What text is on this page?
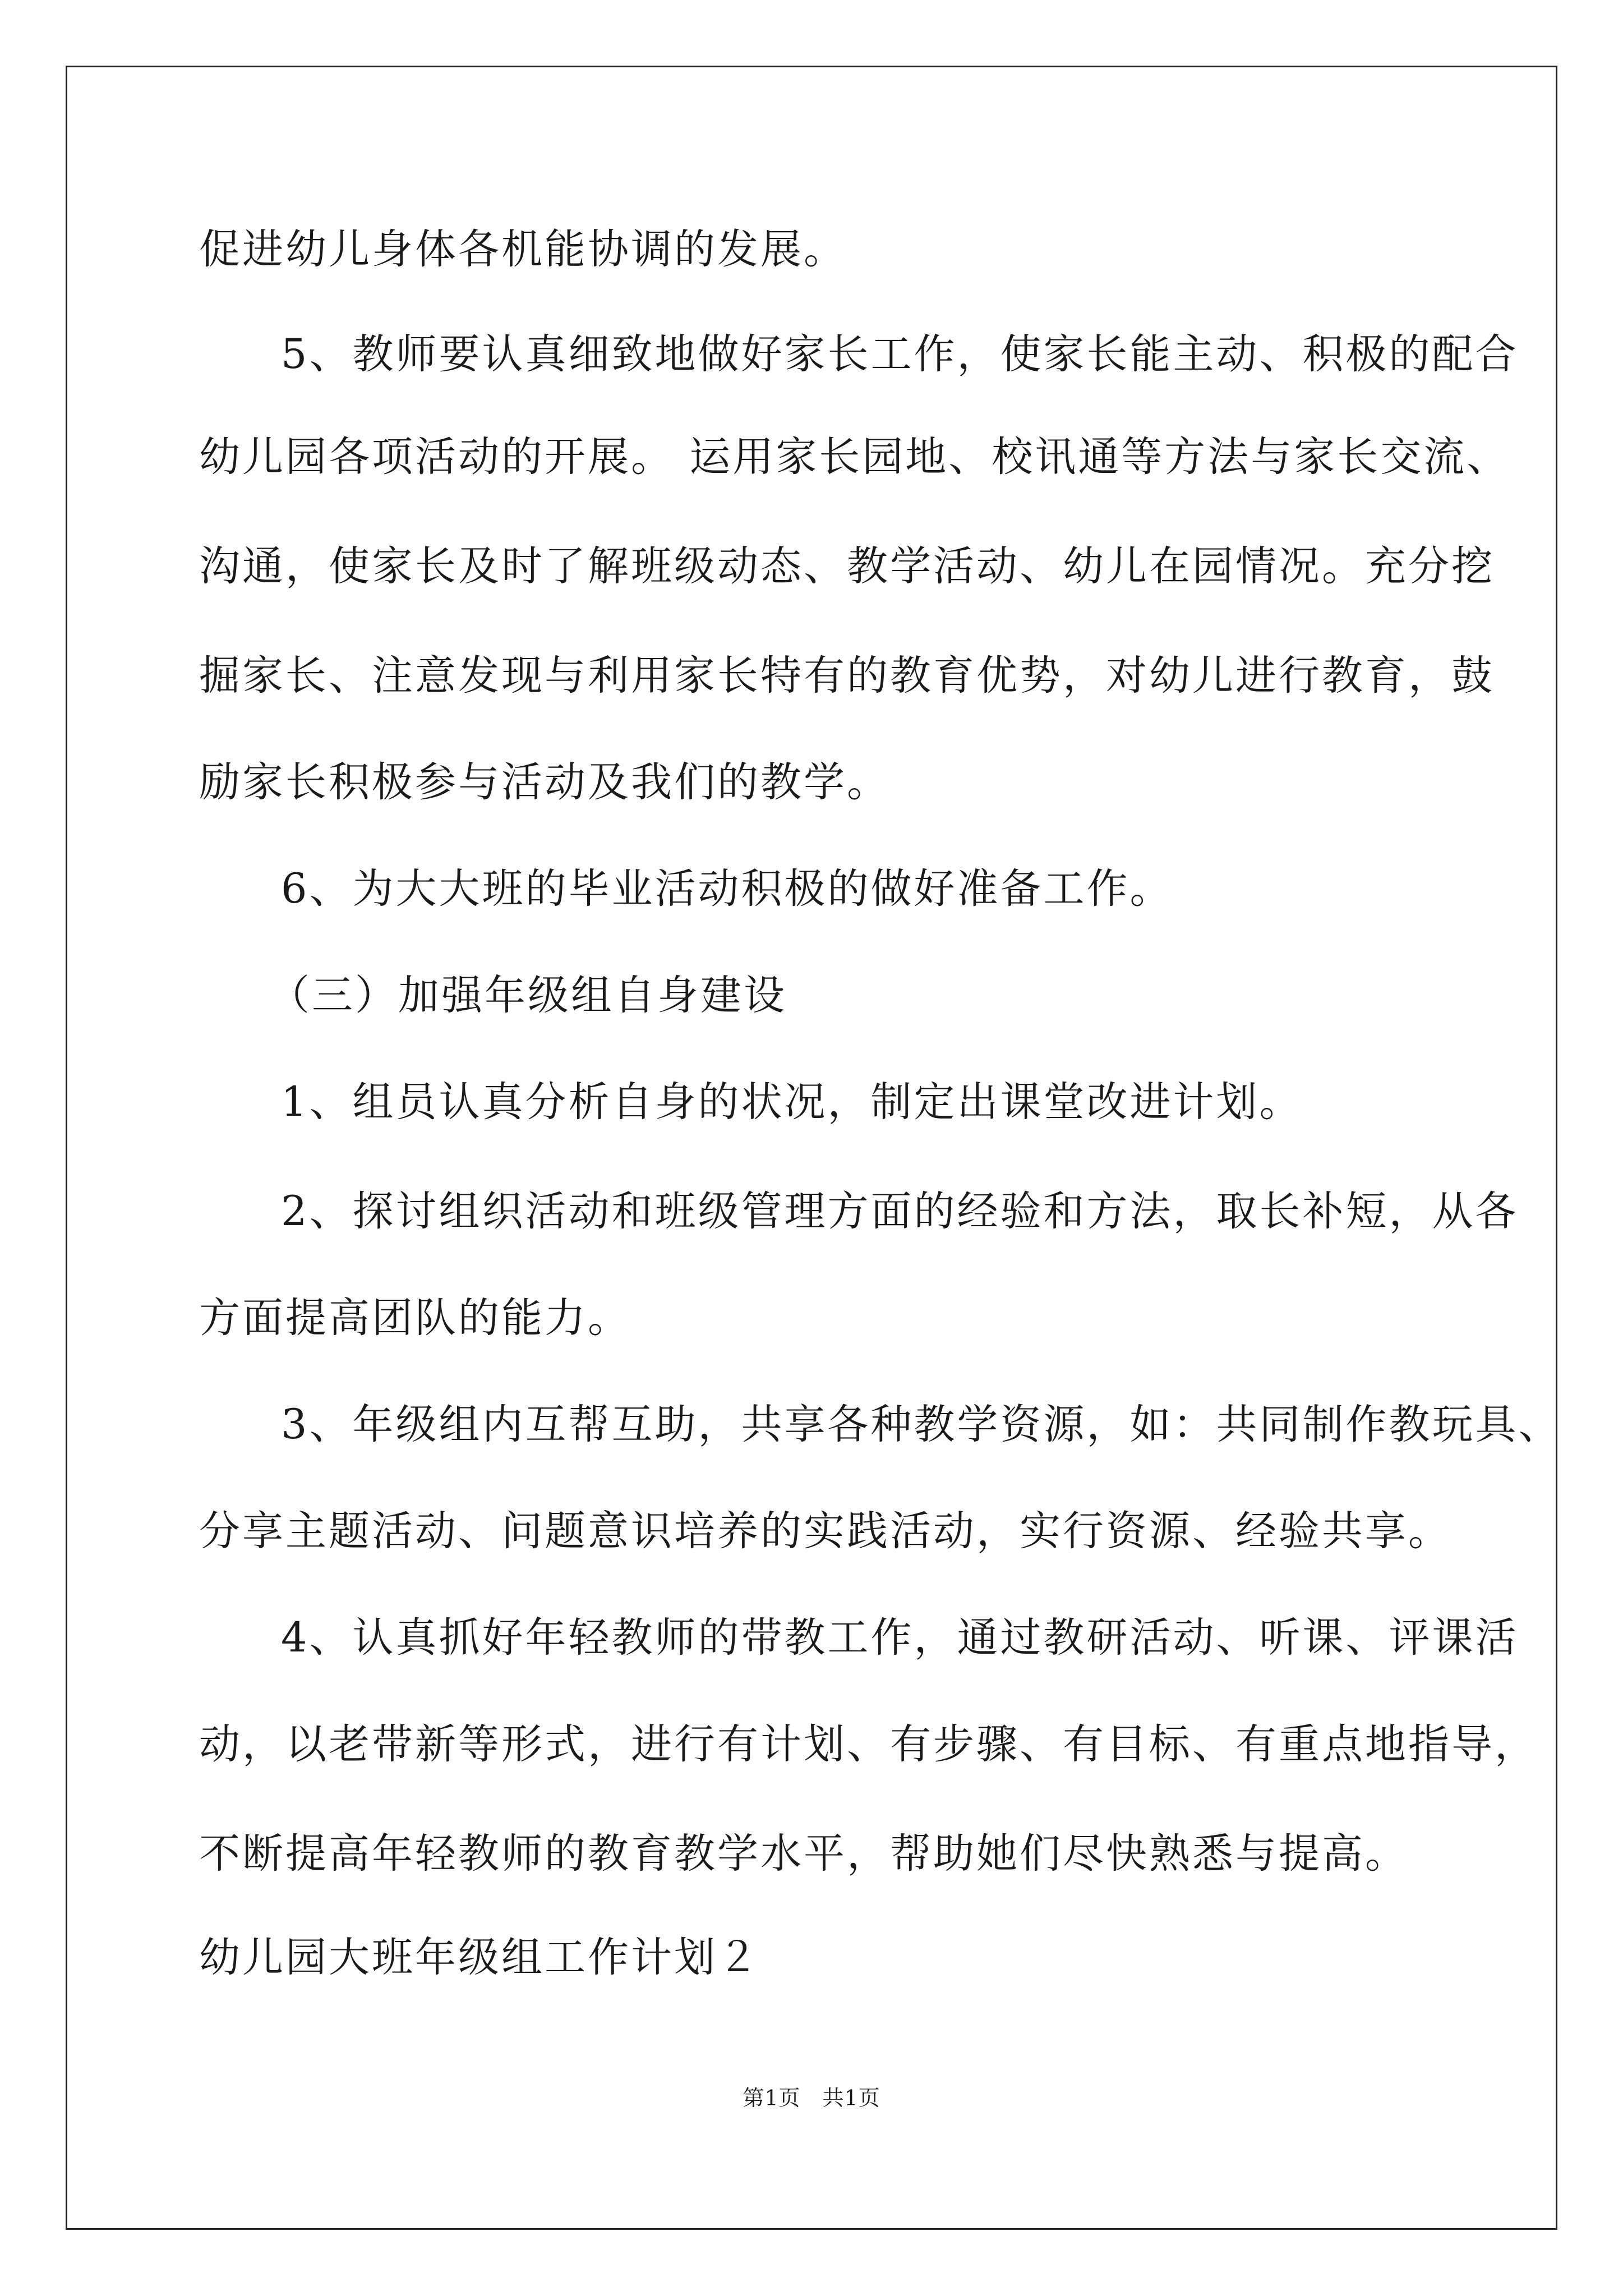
促进幼儿身体各机能协调的发展。
5、教师要认真细致地做好家长工作，使家长能主动、积极的配合
幼儿园各项活动的开展。 运用家长园地、校讯通等方法与家长交流、
沟通，使家长及时了解班级动态、教学活动、幼儿在园情况。充分挖
掘家长、注意发现与利用家长特有的教育优势，对幼儿进行教育，鼓
励家长积极参与活动及我们的教学。
6、为大大班的毕业活动积极的做好准备工作。
（三）加强年级组自身建设
1、组员认真分析自身的状况，制定出课堂改进计划。
2、探讨组织活动和班级管理方面的经验和方法，取长补短，从各
方面提高团队的能力。
3、年级组内互帮互助，共享各种教学资源，如：共同制作教玩具、
分享主题活动、问题意识培养的实践活动，实行资源、经验共享。
4、认真抓好年轻教师的带教工作，通过教研活动、听课、评课活
动，以老带新等形式，进行有计划、有步骤、有目标、有重点地指导，
不断提高年轻教师的教育教学水平，帮助她们尽快熟悉与提高。
幼儿园大班年级组工作计划２
第1页　共1页
